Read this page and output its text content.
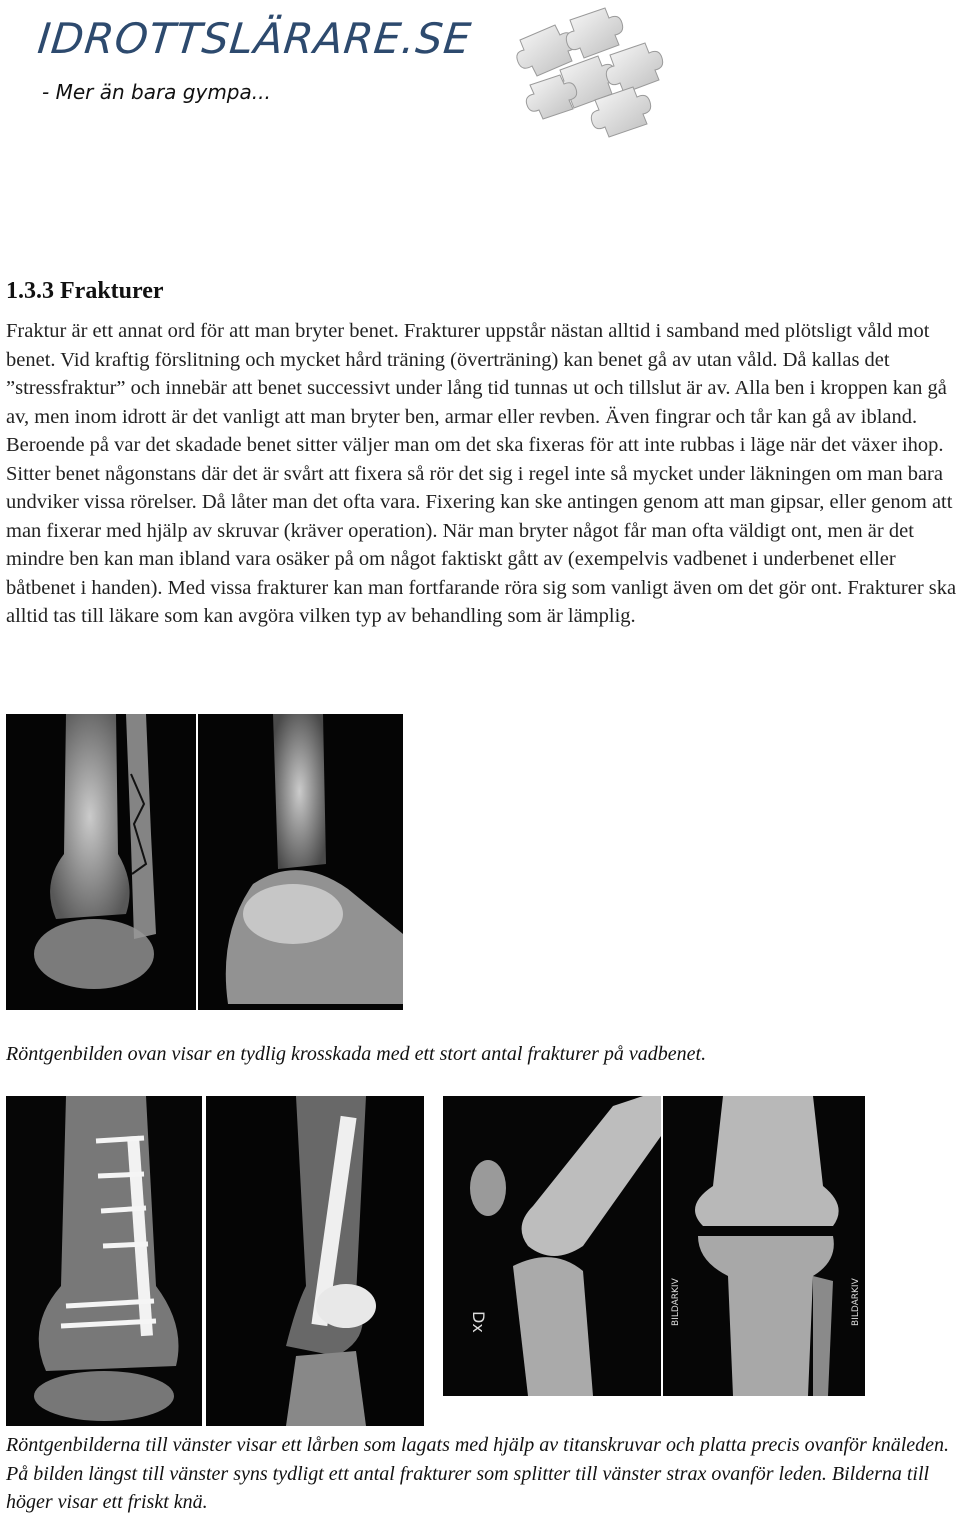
IDROTTSLÄRARE.SE
- Mer än bara gympa...
1.3.3 Frakturer

Fraktur är ett annat ord för att man bryter benet. Frakturer uppstår nästan alltid i samband med plötsligt våld mot benet. Vid kraftig förslitning och mycket hård träning (överträning) kan benet gå av utan våld. Då kallas det ”stressfraktur” och innebär att benet successivt under lång tid tunnas ut och tillslut är av. Alla ben i kroppen kan gå av, men inom idrott är det vanligt att man bryter ben, armar eller revben. Även fingrar och tår kan gå av ibland. Beroende på var det skadade benet sitter väljer man om det ska fixeras för att inte rubbas i läge när det växer ihop. Sitter benet någonstans där det är svårt att fixera så rör det sig i regel inte så mycket under läkningen om man bara undviker vissa rörelser. Då låter man det ofta vara. Fixering kan ske antingen genom att man gipsar, eller genom att man fixerar med hjälp av skruvar (kräver operation). När man bryter något får man ofta väldigt ont, men är det mindre ben kan man ibland vara osäker på om något faktiskt gått av (exempelvis vadbenet i underbenet eller båtbenet i handen). Med vissa frakturer kan man fortfarande röra sig som vanligt även om det gör ont. Frakturer ska alltid tas till läkare som kan avgöra vilken typ av behandling som är lämplig.

Röntgenbilden ovan visar en tydlig krosskada med ett stort antal frakturer på vadbenet.

Dx	BILDARKIV	BILDARKIV

Röntgenbilderna till vänster visar ett lårben som lagats med hjälp av titanskruvar och platta precis ovanför knäleden. På bilden längst till vänster syns tydligt ett antal frakturer som splitter till vänster strax ovanför leden. Bilderna till höger visar ett friskt knä.
